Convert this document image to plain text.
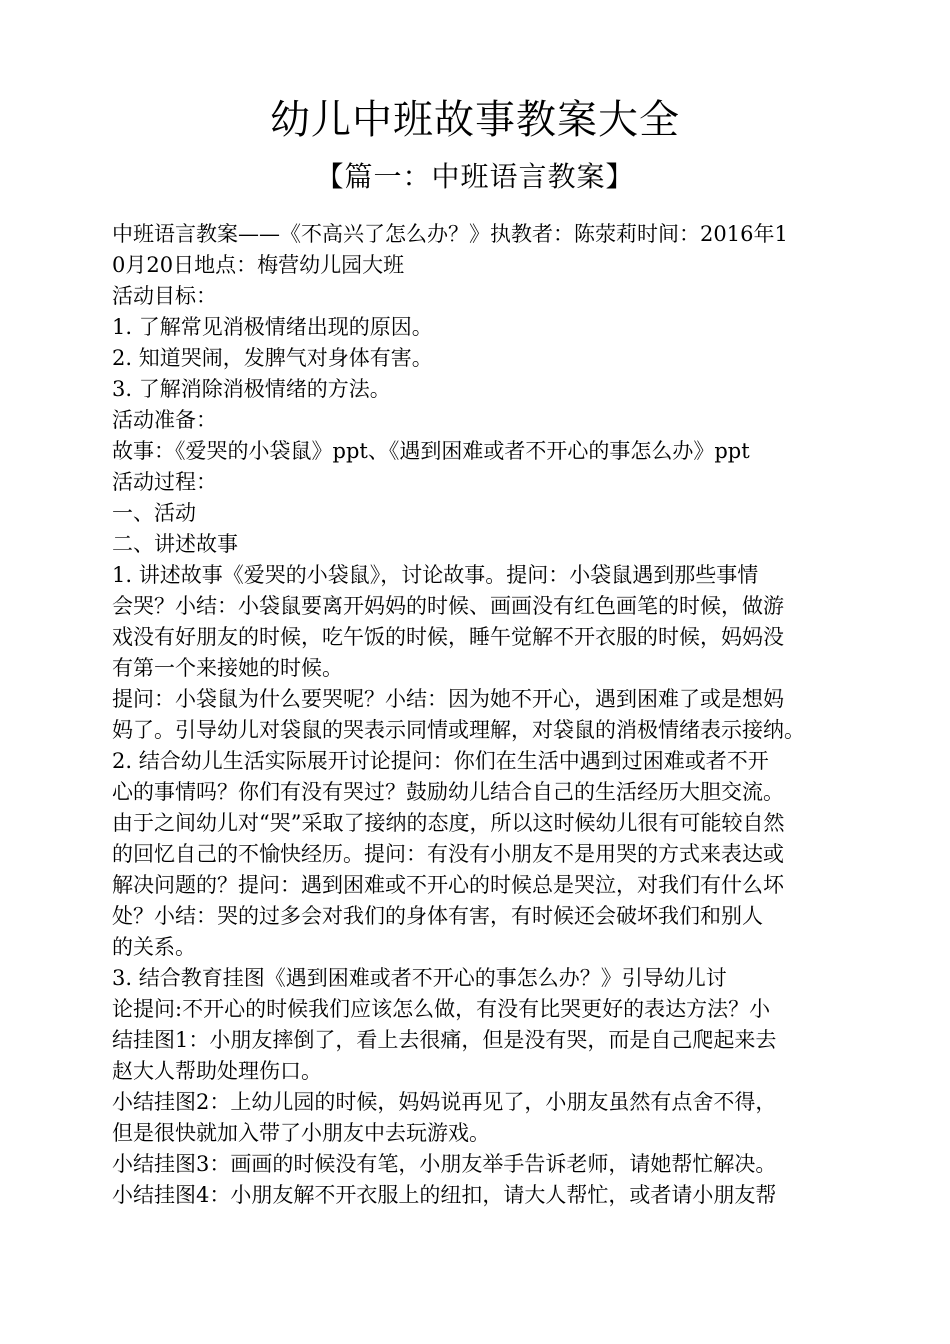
幼儿中班故事教案大全
【篇一：中班语言教案】
中班语言教案——《不高兴了怎么办？》执教者：陈荥莉时间：2016年1
0月20日地点：梅营幼儿园大班
活动目标：
1. 了解常见消极情绪出现的原因。
2. 知道哭闹，发脾气对身体有害。
3. 了解消除消极情绪的方法。
活动准备：
故事：《爱哭的小袋鼠》ppt、《遇到困难或者不开心的事怎么办》ppt
活动过程：
一、活动
二、讲述故事
1. 讲述故事《爱哭的小袋鼠》，讨论故事。提问：小袋鼠遇到那些事情
会哭？小结：小袋鼠要离开妈妈的时候、画画没有红色画笔的时候，做游
戏没有好朋友的时候，吃午饭的时候，睡午觉解不开衣服的时候，妈妈没
有第一个来接她的时候。
提问：小袋鼠为什么要哭呢？小结：因为她不开心，遇到困难了或是想妈
妈了。引导幼儿对袋鼠的哭表示同情或理解，对袋鼠的消极情绪表示接纳。
2. 结合幼儿生活实际展开讨论提问：你们在生活中遇到过困难或者不开
心的事情吗？你们有没有哭过？鼓励幼儿结合自己的生活经历大胆交流。
由于之间幼儿对“哭”采取了接纳的态度，所以这时候幼儿很有可能较自然
的回忆自己的不愉快经历。提问：有没有小朋友不是用哭的方式来表达或
解决问题的？提问：遇到困难或不开心的时候总是哭泣，对我们有什么坏
处？小结：哭的过多会对我们的身体有害，有时候还会破坏我们和别人
的关系。
3. 结合教育挂图《遇到困难或者不开心的事怎么办？》引导幼儿讨
论提问:不开心的时候我们应该怎么做，有没有比哭更好的表达方法？小
结挂图1：小朋友摔倒了，看上去很痛，但是没有哭，而是自己爬起来去
赵大人帮助处理伤口。
小结挂图2：上幼儿园的时候，妈妈说再见了，小朋友虽然有点舍不得，
但是很快就加入带了小朋友中去玩游戏。
小结挂图3：画画的时候没有笔，小朋友举手告诉老师，请她帮忙解决。
小结挂图4：小朋友解不开衣服上的纽扣，请大人帮忙，或者请小朋友帮
